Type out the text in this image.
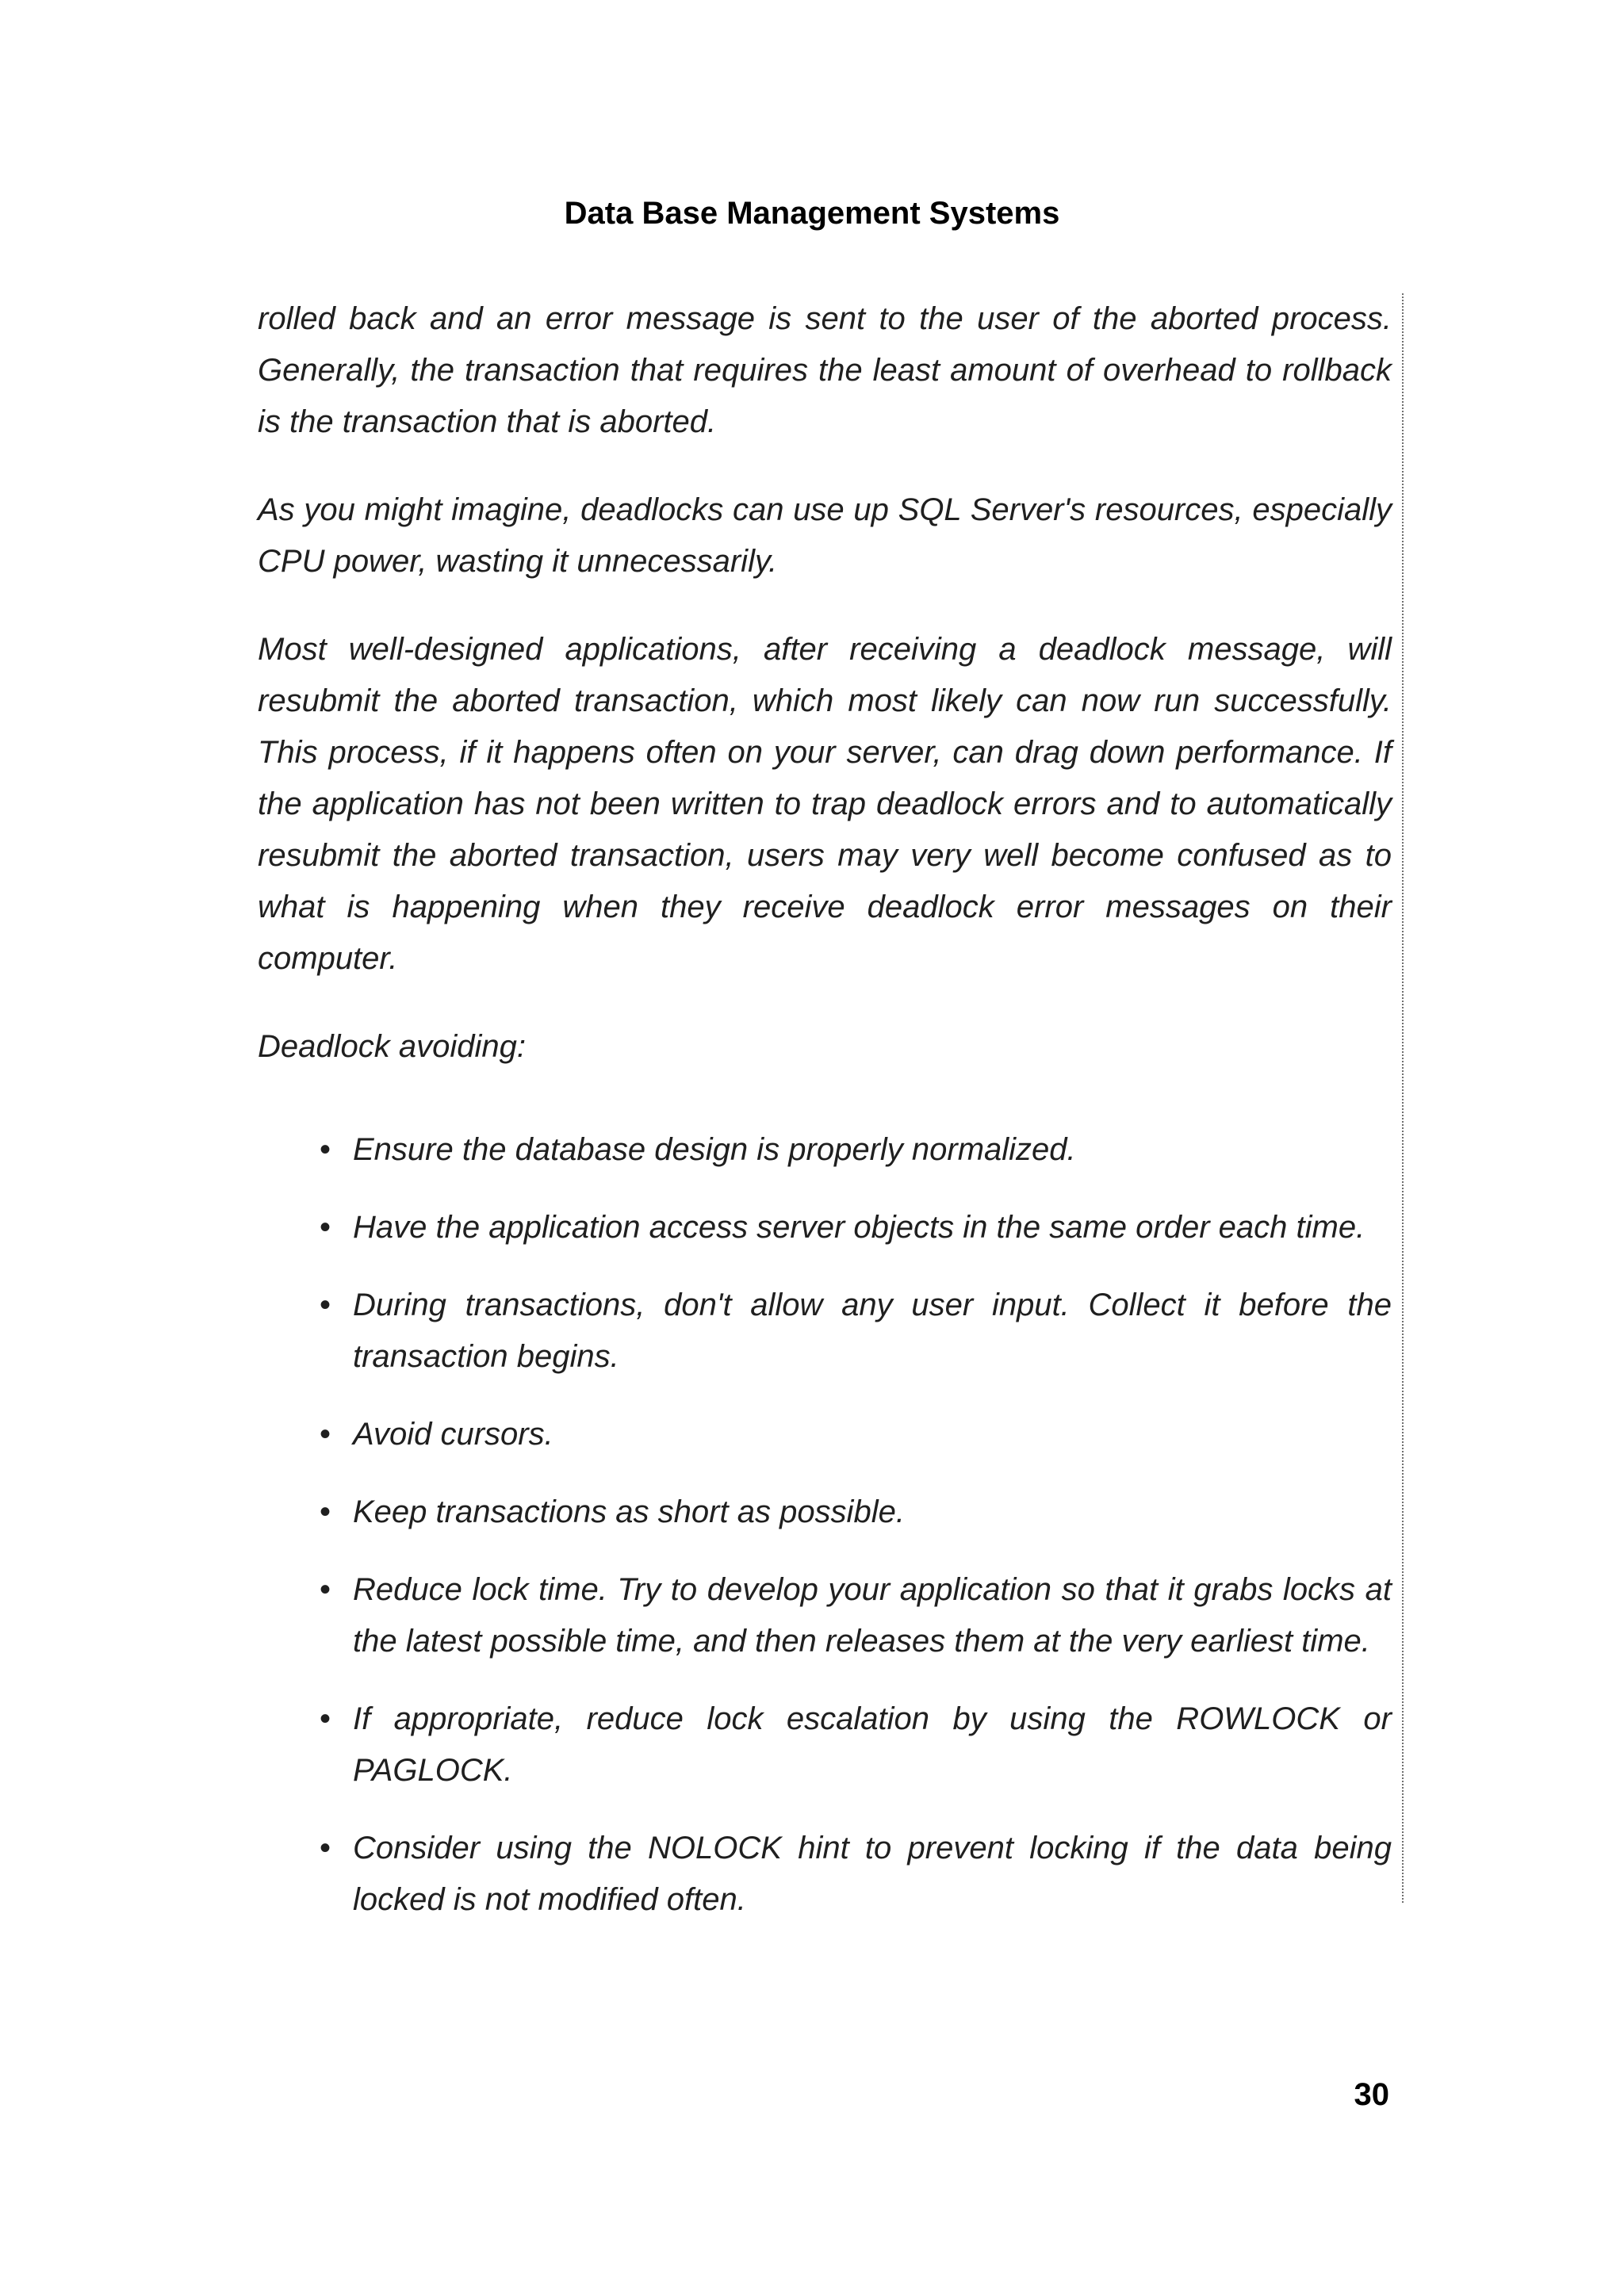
Data Base Management Systems

rolled back and an error message is sent to the user of the aborted process. Generally, the transaction that requires the least amount of overhead to rollback is the transaction that is aborted.

As you might imagine, deadlocks can use up SQL Server's resources, especially CPU power, wasting it unnecessarily.

Most well-designed applications, after receiving a deadlock message, will resubmit the aborted transaction, which most likely can now run successfully. This process, if it happens often on your server, can drag down performance. If the application has not been written to trap deadlock errors and to automatically resubmit the aborted transaction, users may very well become confused as to what is happening when they receive deadlock error messages on their computer.

Deadlock avoiding:

• Ensure the database design is properly normalized.
• Have the application access server objects in the same order each time.
• During transactions, don't allow any user input. Collect it before the transaction begins.
• Avoid cursors.
• Keep transactions as short as possible.
• Reduce lock time. Try to develop your application so that it grabs locks at the latest possible time, and then releases them at the very earliest time.
• If appropriate, reduce lock escalation by using the ROWLOCK or PAGLOCK.
• Consider using the NOLOCK hint to prevent locking if the data being locked is not modified often.
30
